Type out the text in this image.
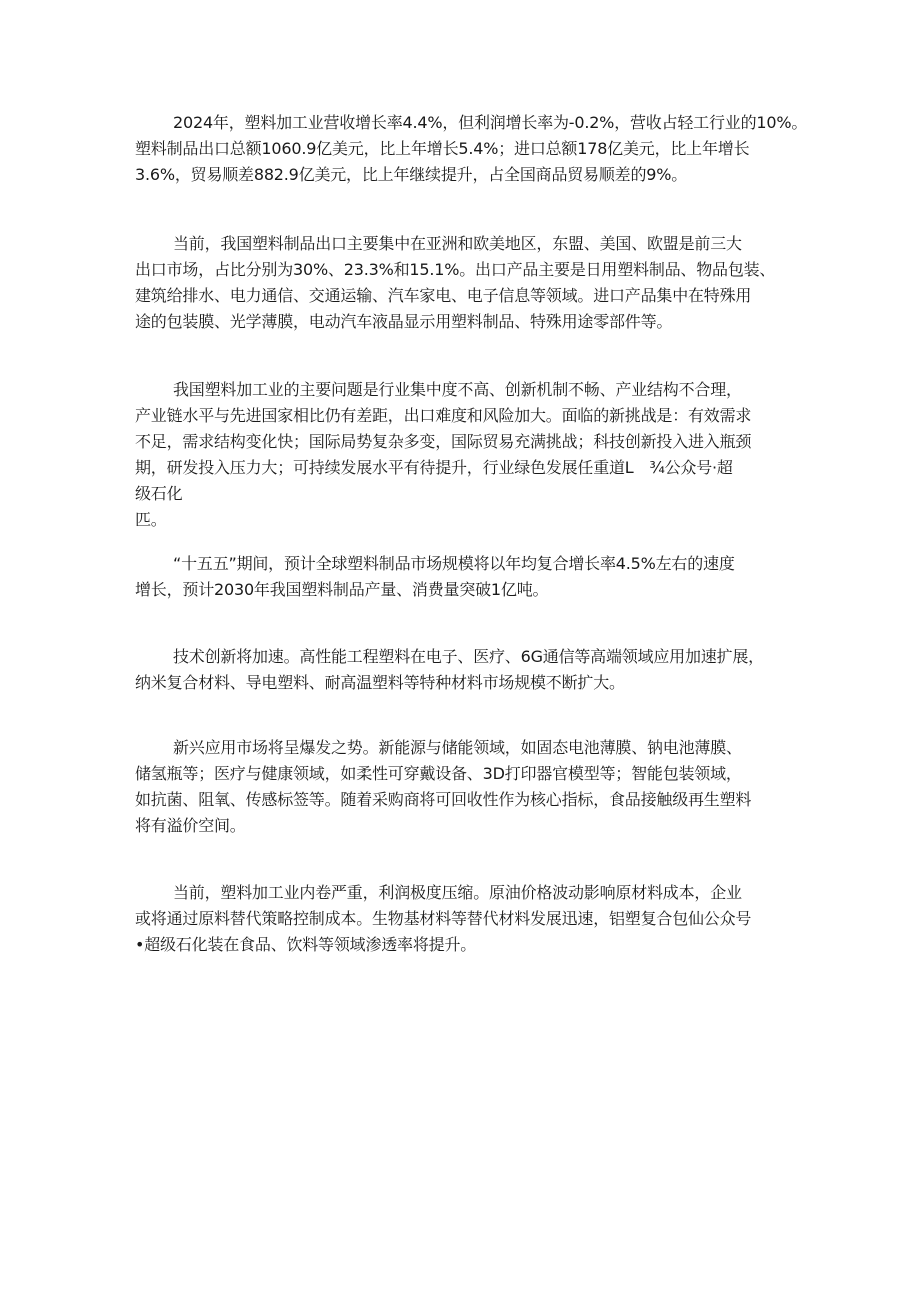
2024年，塑料加工业营收增长率4.4%，但利润增长率为-0.2%，营收占轻工行业的10%。
塑料制品出口总额1060.9亿美元，比上年增长5.4%；进口总额178亿美元，比上年增长
3.6%，贸易顺差882.9亿美元，比上年继续提升，占全国商品贸易顺差的9%。

当前，我国塑料制品出口主要集中在亚洲和欧美地区，东盟、美国、欧盟是前三大
出口市场，占比分别为30%、23.3%和15.1%。出口产品主要是日用塑料制品、物品包装、
建筑给排水、电力通信、交通运输、汽车家电、电子信息等领域。进口产品集中在特殊用
途的包装膜、光学薄膜，电动汽车液晶显示用塑料制品、特殊用途零部件等。

我国塑料加工业的主要问题是行业集中度不高、创新机制不畅、产业结构不合理，
产业链水平与先进国家相比仍有差距，出口难度和风险加大。面临的新挑战是：有效需求
不足，需求结构变化快；国际局势复杂多变，国际贸易充满挑战；科技创新投入进入瓶颈
期，研发投入压力大；可持续发展水平有待提升，行业绿色发展任重道L　¾公众号·超
级石化
匹。

“十五五”期间，预计全球塑料制品市场规模将以年均复合增长率4.5%左右的速度
增长，预计2030年我国塑料制品产量、消费量突破1亿吨。

技术创新将加速。高性能工程塑料在电子、医疗、6G通信等高端领域应用加速扩展，
纳米复合材料、导电塑料、耐高温塑料等特种材料市场规模不断扩大。

新兴应用市场将呈爆发之势。新能源与储能领域，如固态电池薄膜、钠电池薄膜、
储氢瓶等；医疗与健康领域，如柔性可穿戴设备、3D打印器官模型等；智能包装领域，
如抗菌、阻氧、传感标签等。随着采购商将可回收性作为核心指标，食品接触级再生塑料
将有溢价空间。

当前，塑料加工业内卷严重，利润极度压缩。原油价格波动影响原材料成本，企业
或将通过原料替代策略控制成本。生物基材料等替代材料发展迅速，铝塑复合包仙公众号
•超级石化装在食品、饮料等领域渗透率将提升。
